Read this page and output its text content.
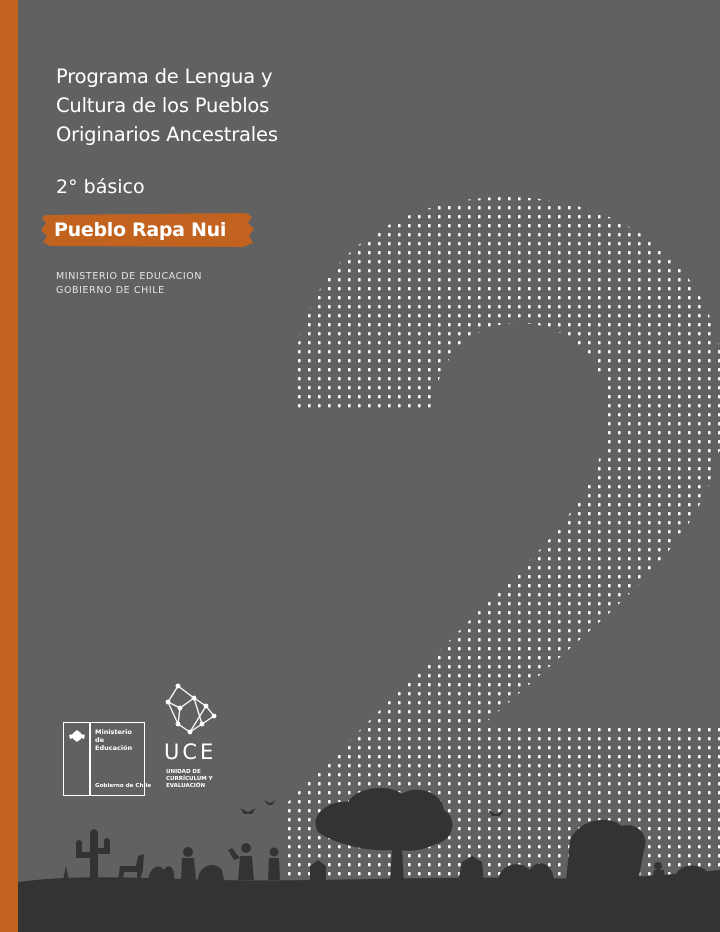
Programa de Lengua y
Cultura de los Pueblos
Originarios Ancestrales
2° básico
Pueblo Rapa Nui
MINISTERIO DE EDUCACION
GOBIERNO DE CHILE
Ministerio de
Educación
Gobierno de Chile
UCE
UNIDAD DE
CURRÍCULUM Y
EVALUACIÓN
